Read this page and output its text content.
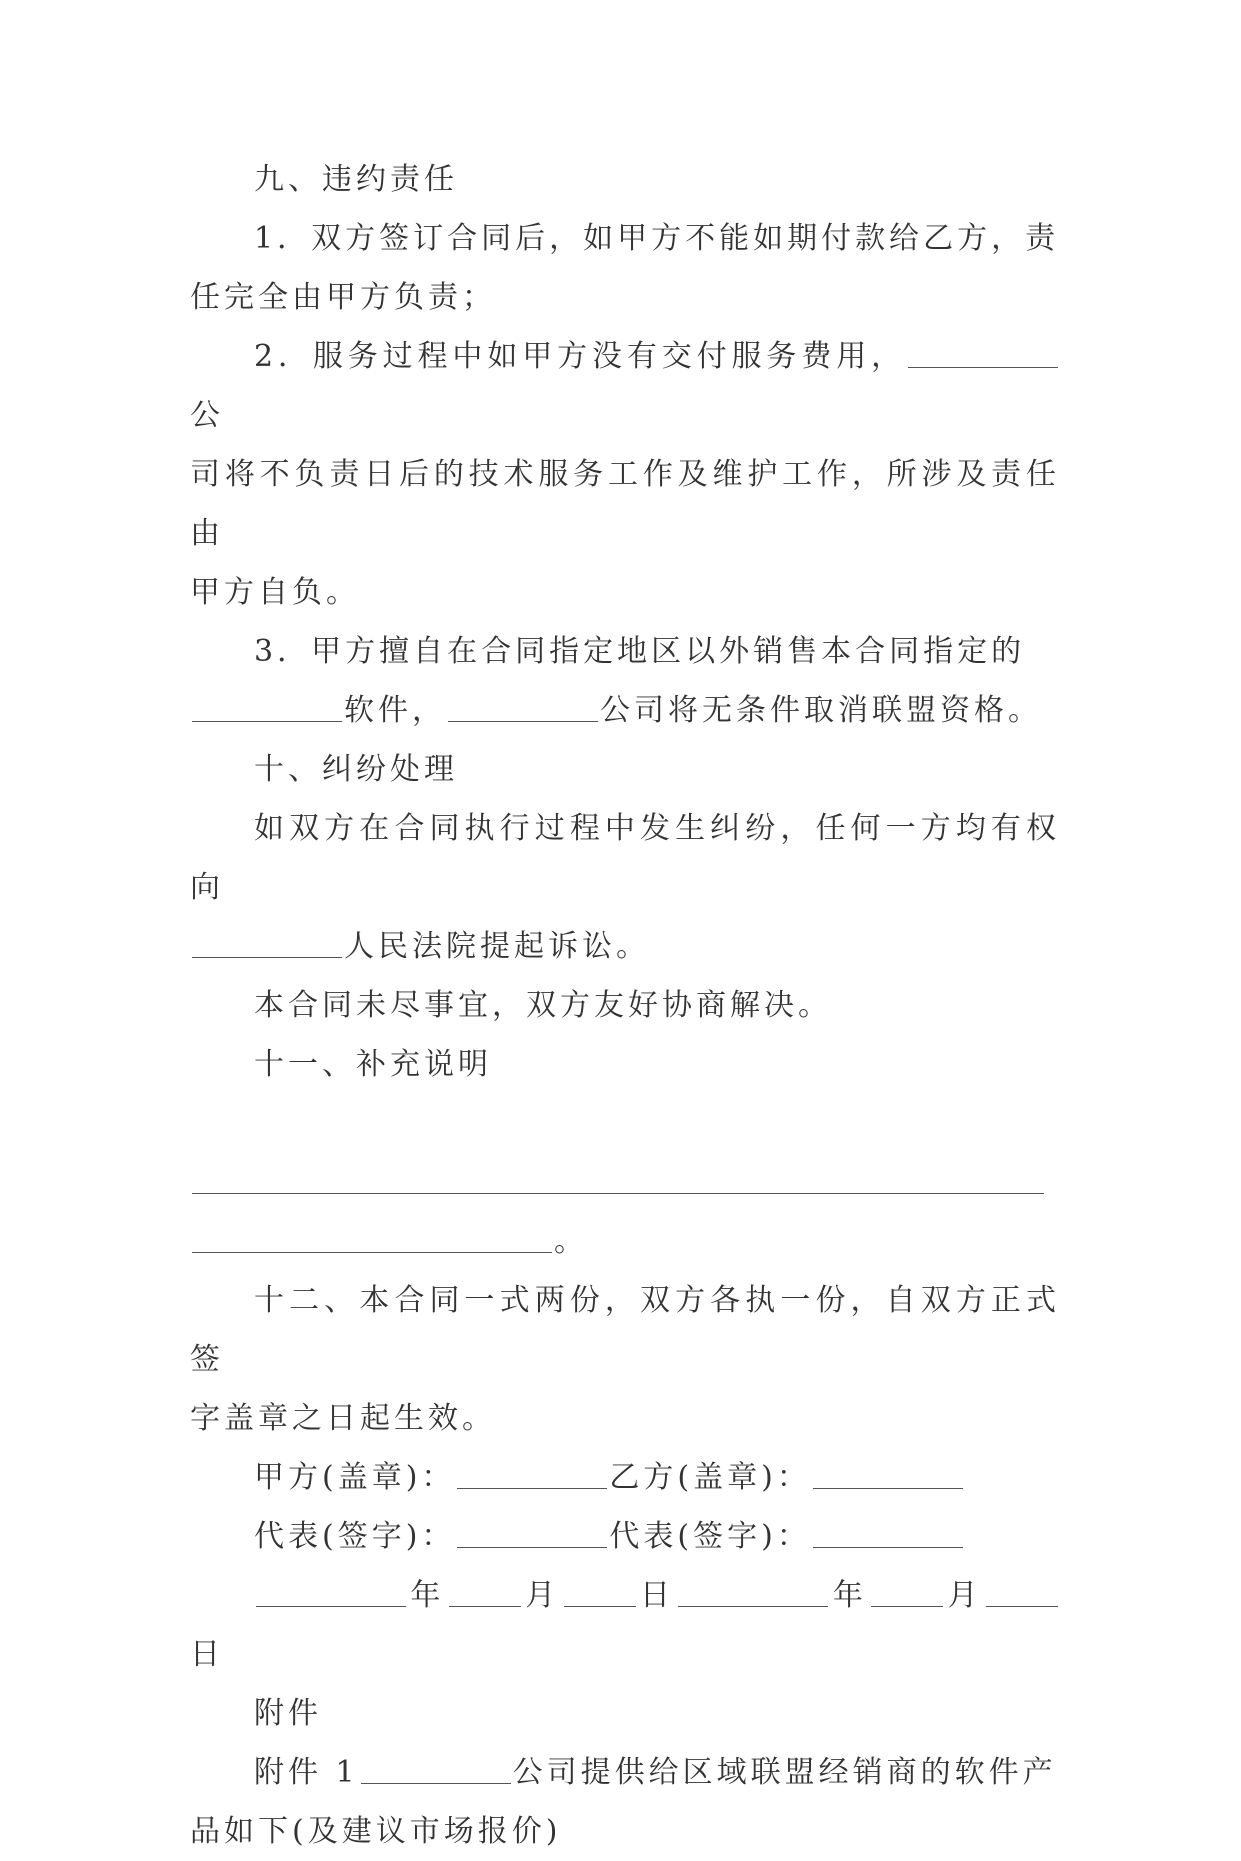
九、违约责任
1．双方签订合同后，如甲方不能如期付款给乙方，责
任完全由甲方负责；
2．服务过程中如甲方没有交付服务费用，公
司将不负责日后的技术服务工作及维护工作，所涉及责任由
甲方自负。
3．甲方擅自在合同指定地区以外销售本合同指定的
软件，	公司将无条件取消联盟资格。
十、纠纷处理
如双方在合同执行过程中发生纠纷，任何一方均有权向
人民法院提起诉讼。
本合同未尽事宜，双方友好协商解决。
十一、补充说明
。
十二、本合同一式两份，双方各执一份，自双方正式签
字盖章之日起生效。
甲方(盖章)：	乙方(盖章)：
代表(签字)：	代表(签字)：
年	月	日	年	月日
附件
附件 1	公司提供给区域联盟经销商的软件产
品如下(及建议市场报价)
